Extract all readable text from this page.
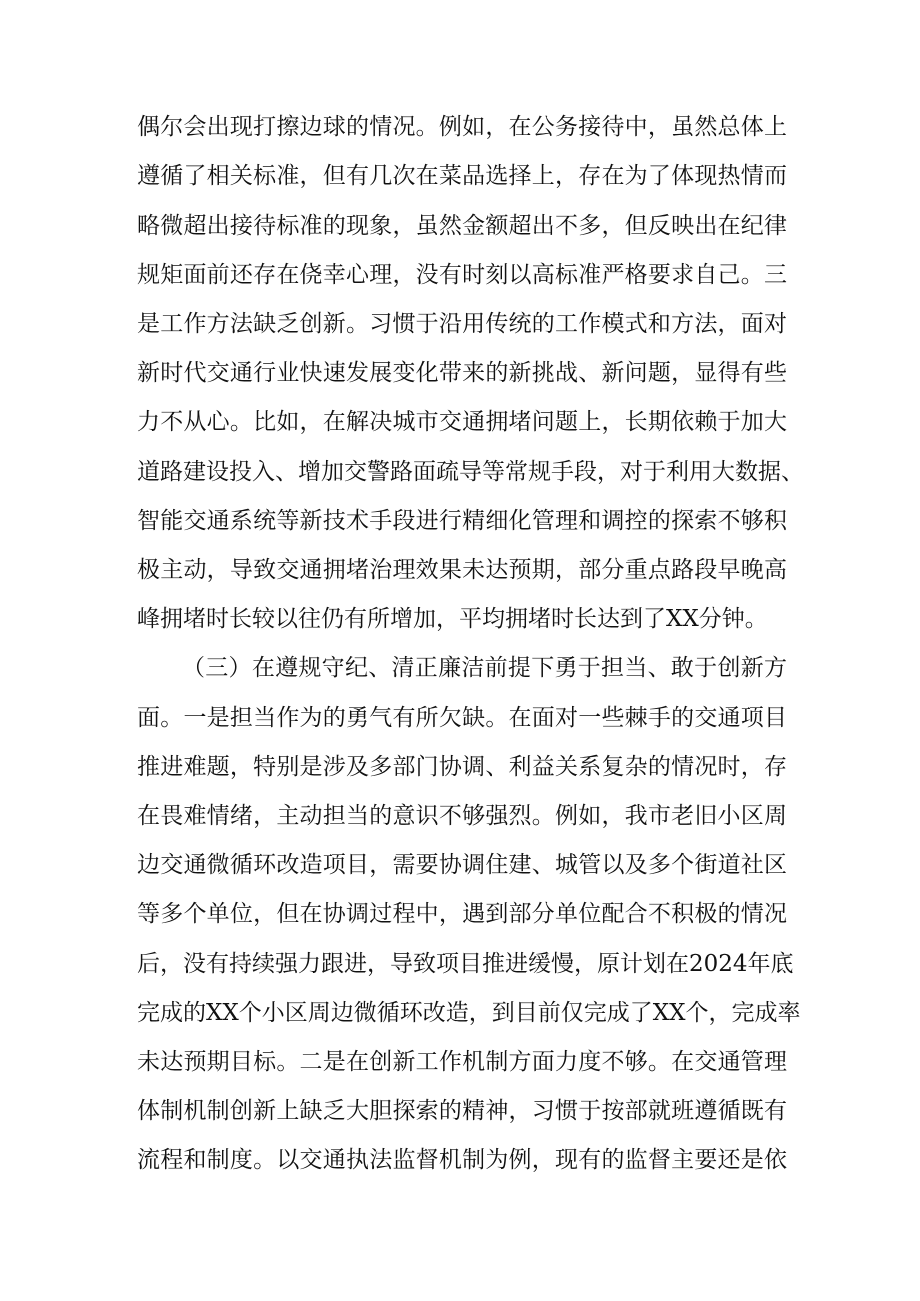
偶尔会出现打擦边球的情况。例如，在公务接待中，虽然总体上
遵循了相关标准，但有几次在菜品选择上，存在为了体现热情而
略微超出接待标准的现象，虽然金额超出不多，但反映出在纪律
规矩面前还存在侥幸心理，没有时刻以高标准严格要求自己。三
是工作方法缺乏创新。习惯于沿用传统的工作模式和方法，面对
新时代交通行业快速发展变化带来的新挑战、新问题，显得有些
力不从心。比如，在解决城市交通拥堵问题上，长期依赖于加大
道路建设投入、增加交警路面疏导等常规手段，对于利用大数据、
智能交通系统等新技术手段进行精细化管理和调控的探索不够积
极主动，导致交通拥堵治理效果未达预期，部分重点路段早晚高
峰拥堵时长较以往仍有所增加，平均拥堵时长达到了XX分钟。
（三）在遵规守纪、清正廉洁前提下勇于担当、敢于创新方
面。一是担当作为的勇气有所欠缺。在面对一些棘手的交通项目
推进难题，特别是涉及多部门协调、利益关系复杂的情况时，存
在畏难情绪，主动担当的意识不够强烈。例如，我市老旧小区周
边交通微循环改造项目，需要协调住建、城管以及多个街道社区
等多个单位，但在协调过程中，遇到部分单位配合不积极的情况
后，没有持续强力跟进，导致项目推进缓慢，原计划在2024年底
完成的XX个小区周边微循环改造，到目前仅完成了XX个，完成率
未达预期目标。二是在创新工作机制方面力度不够。在交通管理
体制机制创新上缺乏大胆探索的精神，习惯于按部就班遵循既有
流程和制度。以交通执法监督机制为例，现有的监督主要还是依
